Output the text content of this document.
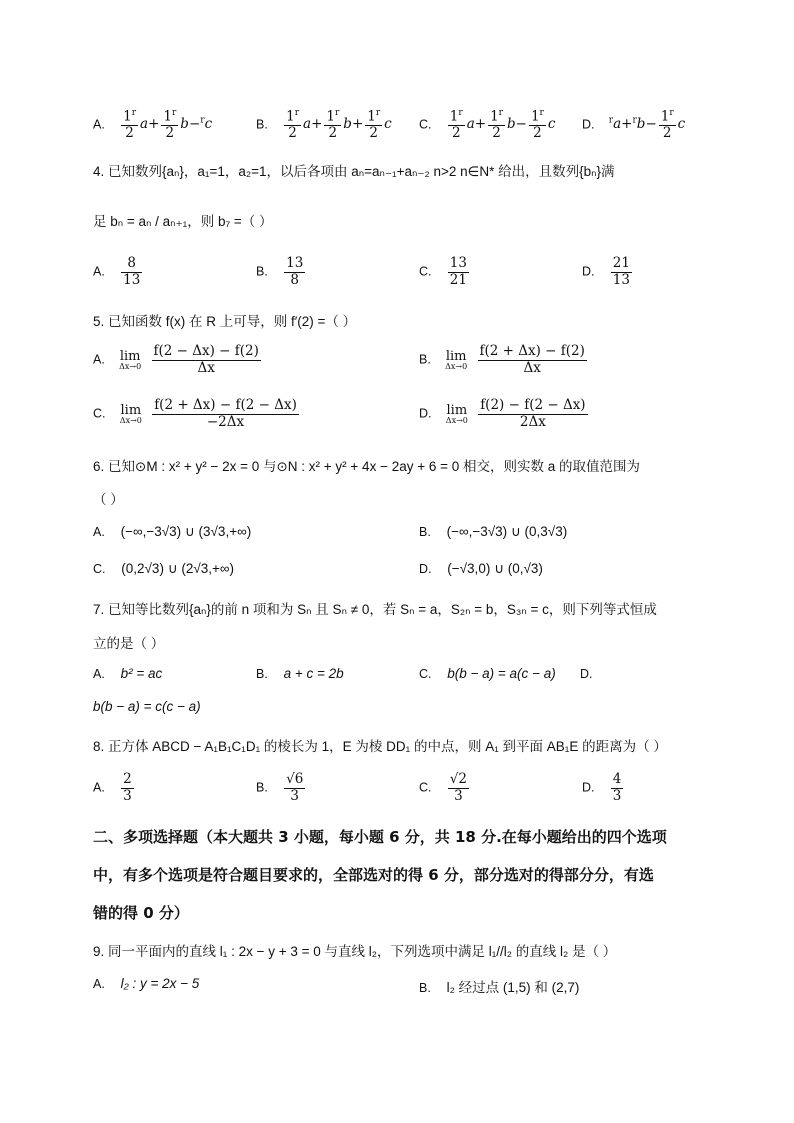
A. $\frac{1^r}{2} a+ \frac{1^r}{2} b-^rc$	B. $\frac{1^r}{2} a+ \frac{1^r}{2} b+ \frac{1^r}{2}$ c C. $\frac{1^r}{2} a+ \frac{1^r}{2} b- \frac{1^r}{2}$ c D. $^ra+^rb- \frac{1^r}{2}$ c
4. 已知数列{aₙ}，a₁=1，a₂=1，以后各项由 aₙ=aₙ₋₁+aₙ₋₂ n>2 n∈N* 给出，且数列{bₙ}满
足 bₙ = aₙ / aₙ₊₁，则 b₇ =（ ）
A. $\frac{8}{13}$	B. $\frac{13}{8}$	C. $\frac{13}{21}$	D. $\frac{21}{13}$
5. 已知函数 f(x) 在 R 上可导，则 f′(2) =（ ）
A. lim
Δx→0
$\frac{f(2 - \Delta x) - f(2)}{\Delta x}$	B. lim
Δx→0
$\frac{f(2 + \Delta x) - f(2)}{\Delta x}$
C. lim
Δx→0
$\frac{f(2 + \Delta x) - f(2 - \Delta x)}{-2\Delta x}$	D. lim
Δx→0
$\frac{f(2) - f(2 - \Delta x)}{2\Delta x}$
6. 已知⊙M : x² + y² − 2x = 0 与⊙N : x² + y² + 4x − 2ay + 6 = 0 相交，则实数 a 的取值范围为
（ ）
A. (−∞,−3√3) ∪ (3√3,+∞)	B. (−∞,−3√3) ∪ (0,3√3)
C. (0,2√3) ∪ (2√3,+∞)	D. (−√3,0) ∪ (0,√3)
7. 已知等比数列{aₙ}的前 n 项和为 Sₙ 且 Sₙ ≠ 0，若 Sₙ = a，S₂ₙ = b，S₃ₙ = c，则下列等式恒成
立的是（ ）
A. b² = ac	B. a + c = 2b	C. b(b − a) = a(c − a) D.
b(b − a) = c(c − a)
8. 正方体 ABCD − A₁B₁C₁D₁ 的棱长为 1，E 为棱 DD₁ 的中点，则 A₁ 到平面 AB₁E 的距离为（ ）
A. $\frac{2}{3}$	B. $\frac{√6}{3}$	C. $\frac{√2}{3}$	D. $\frac{4}{3}$
二、多项选择题（本大题共 3 小题，每小题 6 分，共 18 分.在每小题给出的四个选项
中，有多个选项是符合题目要求的，全部选对的得 6 分，部分选对的得部分分，有选
错的得 0 分）
9. 同一平面内的直线 l₁ : 2x − y + 3 = 0 与直线 l₂，下列选项中满足 l₁//l₂ 的直线 l₂ 是（ ）
A. l₂ : y = 2x − 5	B. l₂ 经过点 (1,5) 和 (2,7)
